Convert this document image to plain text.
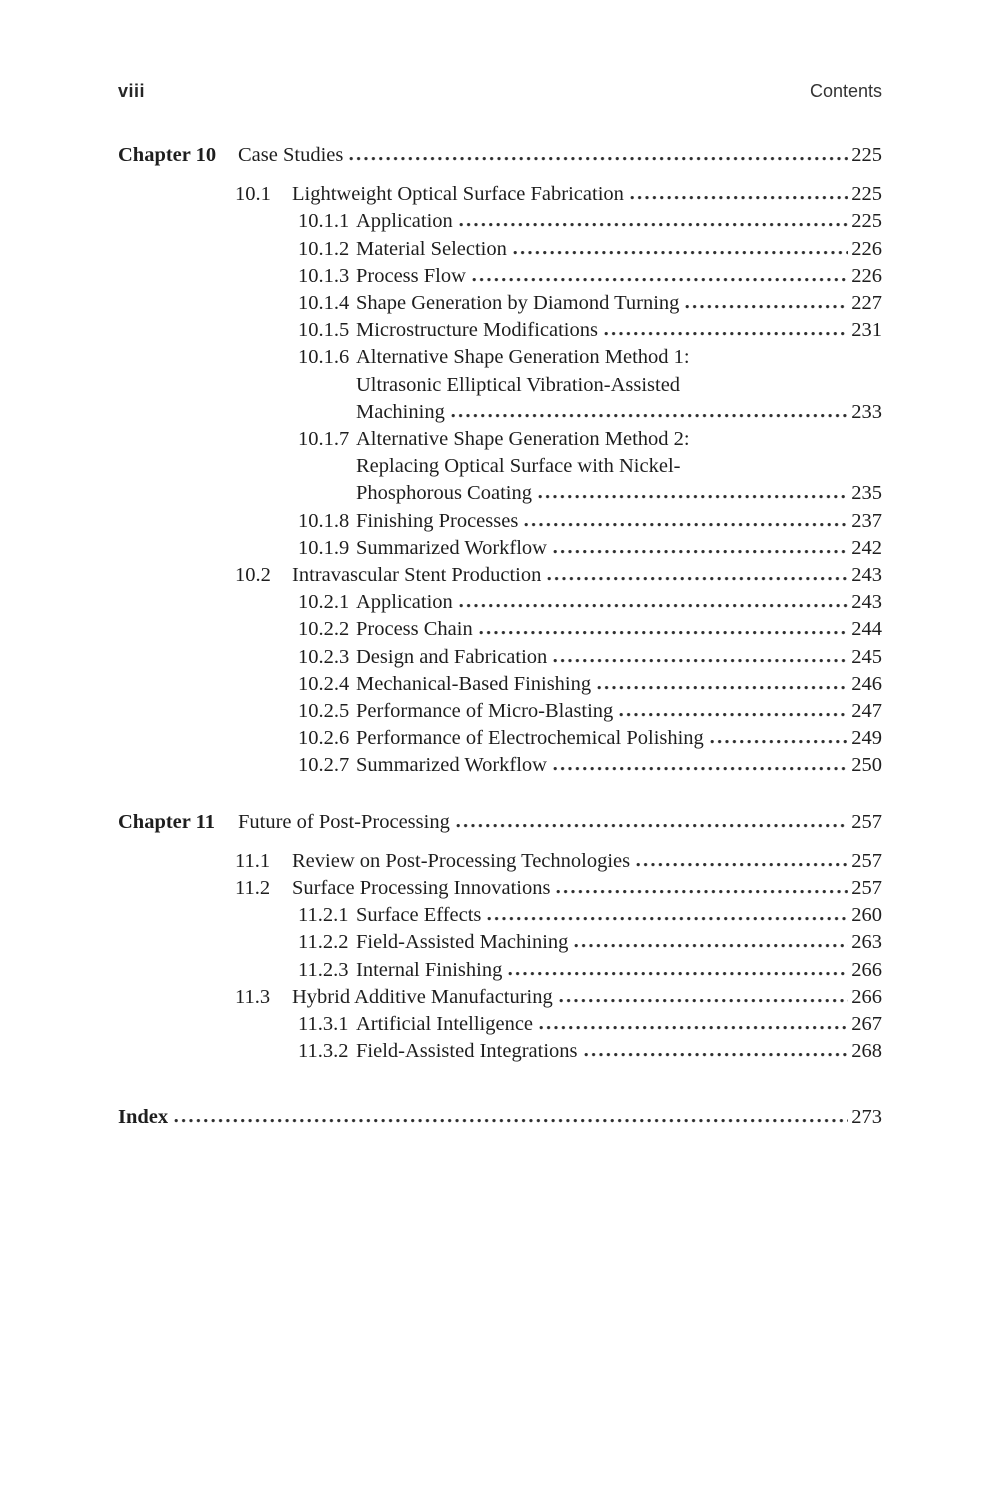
viii	Contents
Chapter 10	Case Studies	225
10.1	Lightweight Optical Surface Fabrication	225
10.1.1 Application	225
10.1.2 Material Selection	226
10.1.3 Process Flow	226
10.1.4 Shape Generation by Diamond Turning	227
10.1.5 Microstructure Modifications	231
10.1.6 Alternative Shape Generation Method 1:
Ultrasonic Elliptical Vibration-Assisted
Machining	233
10.1.7 Alternative Shape Generation Method 2:
Replacing Optical Surface with Nickel-
Phosphorous Coating	235
10.1.8 Finishing Processes	237
10.1.9 Summarized Workflow	242
10.2	Intravascular Stent Production	243
10.2.1 Application	243
10.2.2 Process Chain	244
10.2.3 Design and Fabrication	245
10.2.4 Mechanical-Based Finishing	246
10.2.5 Performance of Micro-Blasting	247
10.2.6 Performance of Electrochemical Polishing	249
10.2.7 Summarized Workflow	250
Chapter 11	Future of Post-Processing	257
11.1	Review on Post-Processing Technologies	257
11.2	Surface Processing Innovations	257
11.2.1 Surface Effects	260
11.2.2 Field-Assisted Machining	263
11.2.3 Internal Finishing	266
11.3	Hybrid Additive Manufacturing	266
11.3.1 Artificial Intelligence	267
11.3.2 Field-Assisted Integrations	268
Index	273
